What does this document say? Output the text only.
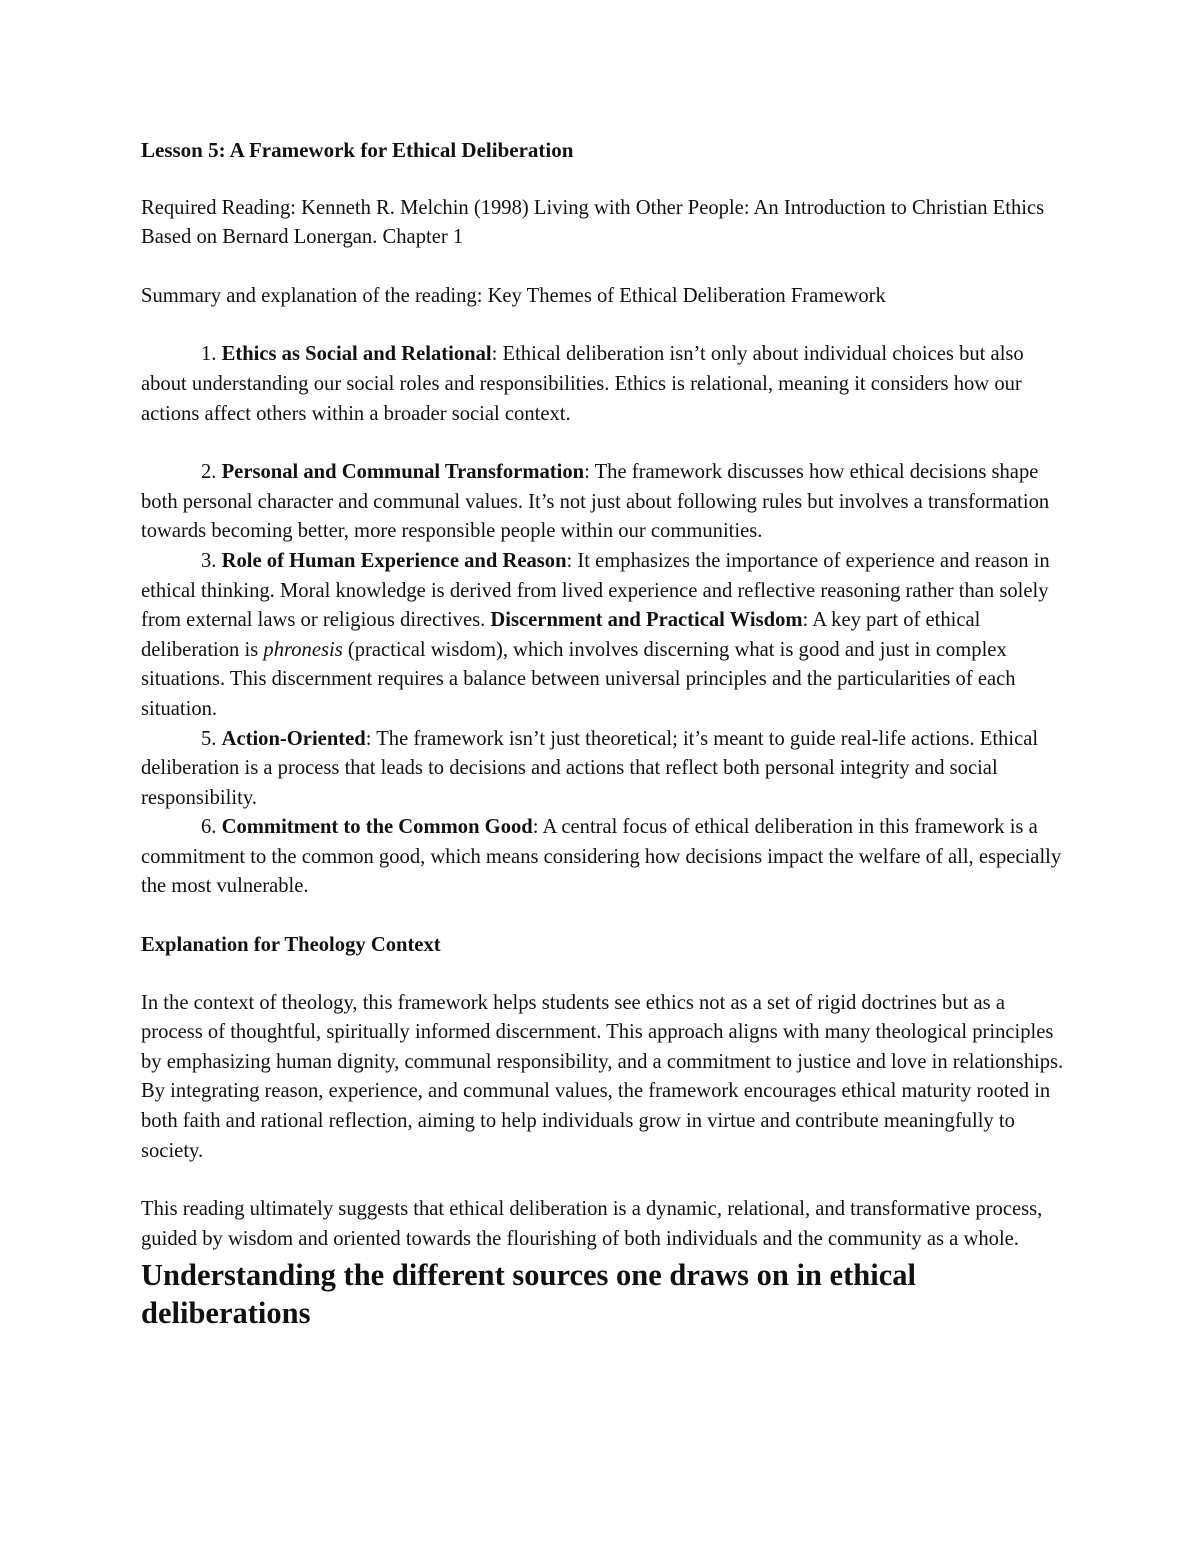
Lesson 5: A Framework for Ethical Deliberation

Required Reading: Kenneth R. Melchin (1998) Living with Other People: An Introduction to Christian Ethics Based on Bernard Lonergan. Chapter 1

Summary and explanation of the reading: Key Themes of Ethical Deliberation Framework

1. Ethics as Social and Relational: Ethical deliberation isn’t only about individual choices but also about understanding our social roles and responsibilities. Ethics is relational, meaning it considers how our actions affect others within a broader social context.

2. Personal and Communal Transformation: The framework discusses how ethical decisions shape both personal character and communal values. It’s not just about following rules but involves a transformation towards becoming better, more responsible people within our communities.

3. Role of Human Experience and Reason: It emphasizes the importance of experience and reason in ethical thinking. Moral knowledge is derived from lived experience and reflective reasoning rather than solely from external laws or religious directives. Discernment and Practical Wisdom: A key part of ethical deliberation is phronesis (practical wisdom), which involves discerning what is good and just in complex situations. This discernment requires a balance between universal principles and the particularities of each situation.

5. Action-Oriented: The framework isn’t just theoretical; it’s meant to guide real-life actions. Ethical deliberation is a process that leads to decisions and actions that reflect both personal integrity and social responsibility.

6. Commitment to the Common Good: A central focus of ethical deliberation in this framework is a commitment to the common good, which means considering how decisions impact the welfare of all, especially the most vulnerable.

Explanation for Theology Context

In the context of theology, this framework helps students see ethics not as a set of rigid doctrines but as a process of thoughtful, spiritually informed discernment. This approach aligns with many theological principles by emphasizing human dignity, communal responsibility, and a commitment to justice and love in relationships. By integrating reason, experience, and communal values, the framework encourages ethical maturity rooted in both faith and rational reflection, aiming to help individuals grow in virtue and contribute meaningfully to society.

This reading ultimately suggests that ethical deliberation is a dynamic, relational, and transformative process, guided by wisdom and oriented towards the flourishing of both individuals and the community as a whole.

Understanding the different sources one draws on in ethical deliberations
